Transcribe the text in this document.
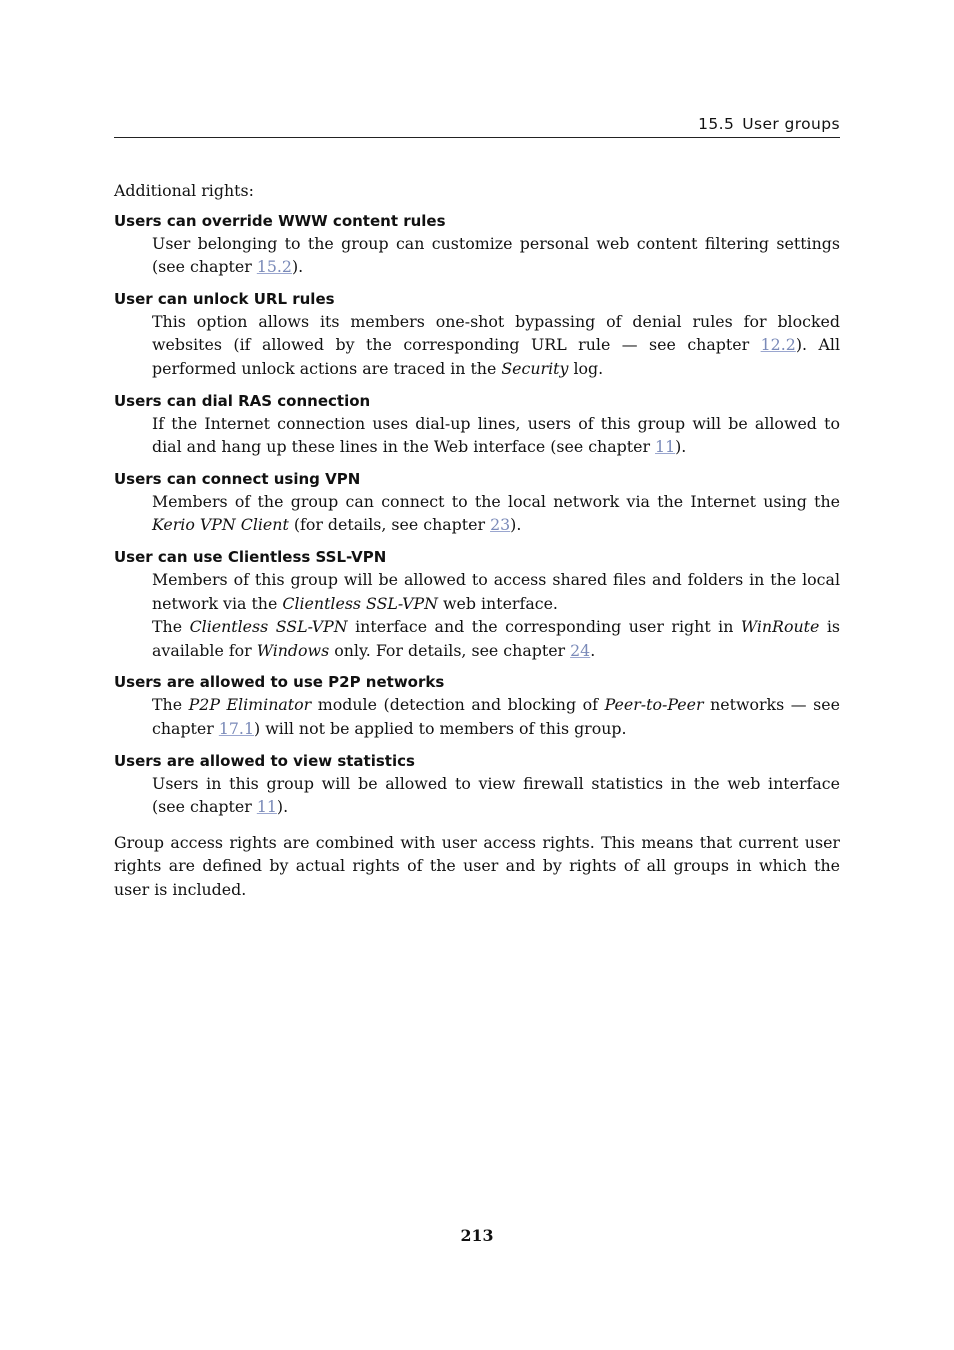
15.5 User groups

Additional rights:

Users can override WWW content rules

User belonging to the group can customize personal web content filtering settings (see chapter 15.2).

User can unlock URL rules

This option allows its members one-shot bypassing of denial rules for blocked websites (if allowed by the corresponding URL rule — see chapter 12.2). All performed unlock actions are traced in the Security log.

Users can dial RAS connection

If the Internet connection uses dial-up lines, users of this group will be allowed to dial and hang up these lines in the Web interface (see chapter 11).

Users can connect using VPN

Members of the group can connect to the local network via the Internet using the Kerio VPN Client (for details, see chapter 23).

User can use Clientless SSL-VPN

Members of this group will be allowed to access shared files and folders in the local network via the Clientless SSL-VPN web interface.

The Clientless SSL-VPN interface and the corresponding user right in WinRoute is available for Windows only. For details, see chapter 24.

Users are allowed to use P2P networks

The P2P Eliminator module (detection and blocking of Peer-to-Peer networks — see chapter 17.1) will not be applied to members of this group.

Users are allowed to view statistics

Users in this group will be allowed to view firewall statistics in the web interface (see chapter 11).

Group access rights are combined with user access rights. This means that current user rights are defined by actual rights of the user and by rights of all groups in which the user is included.

213
